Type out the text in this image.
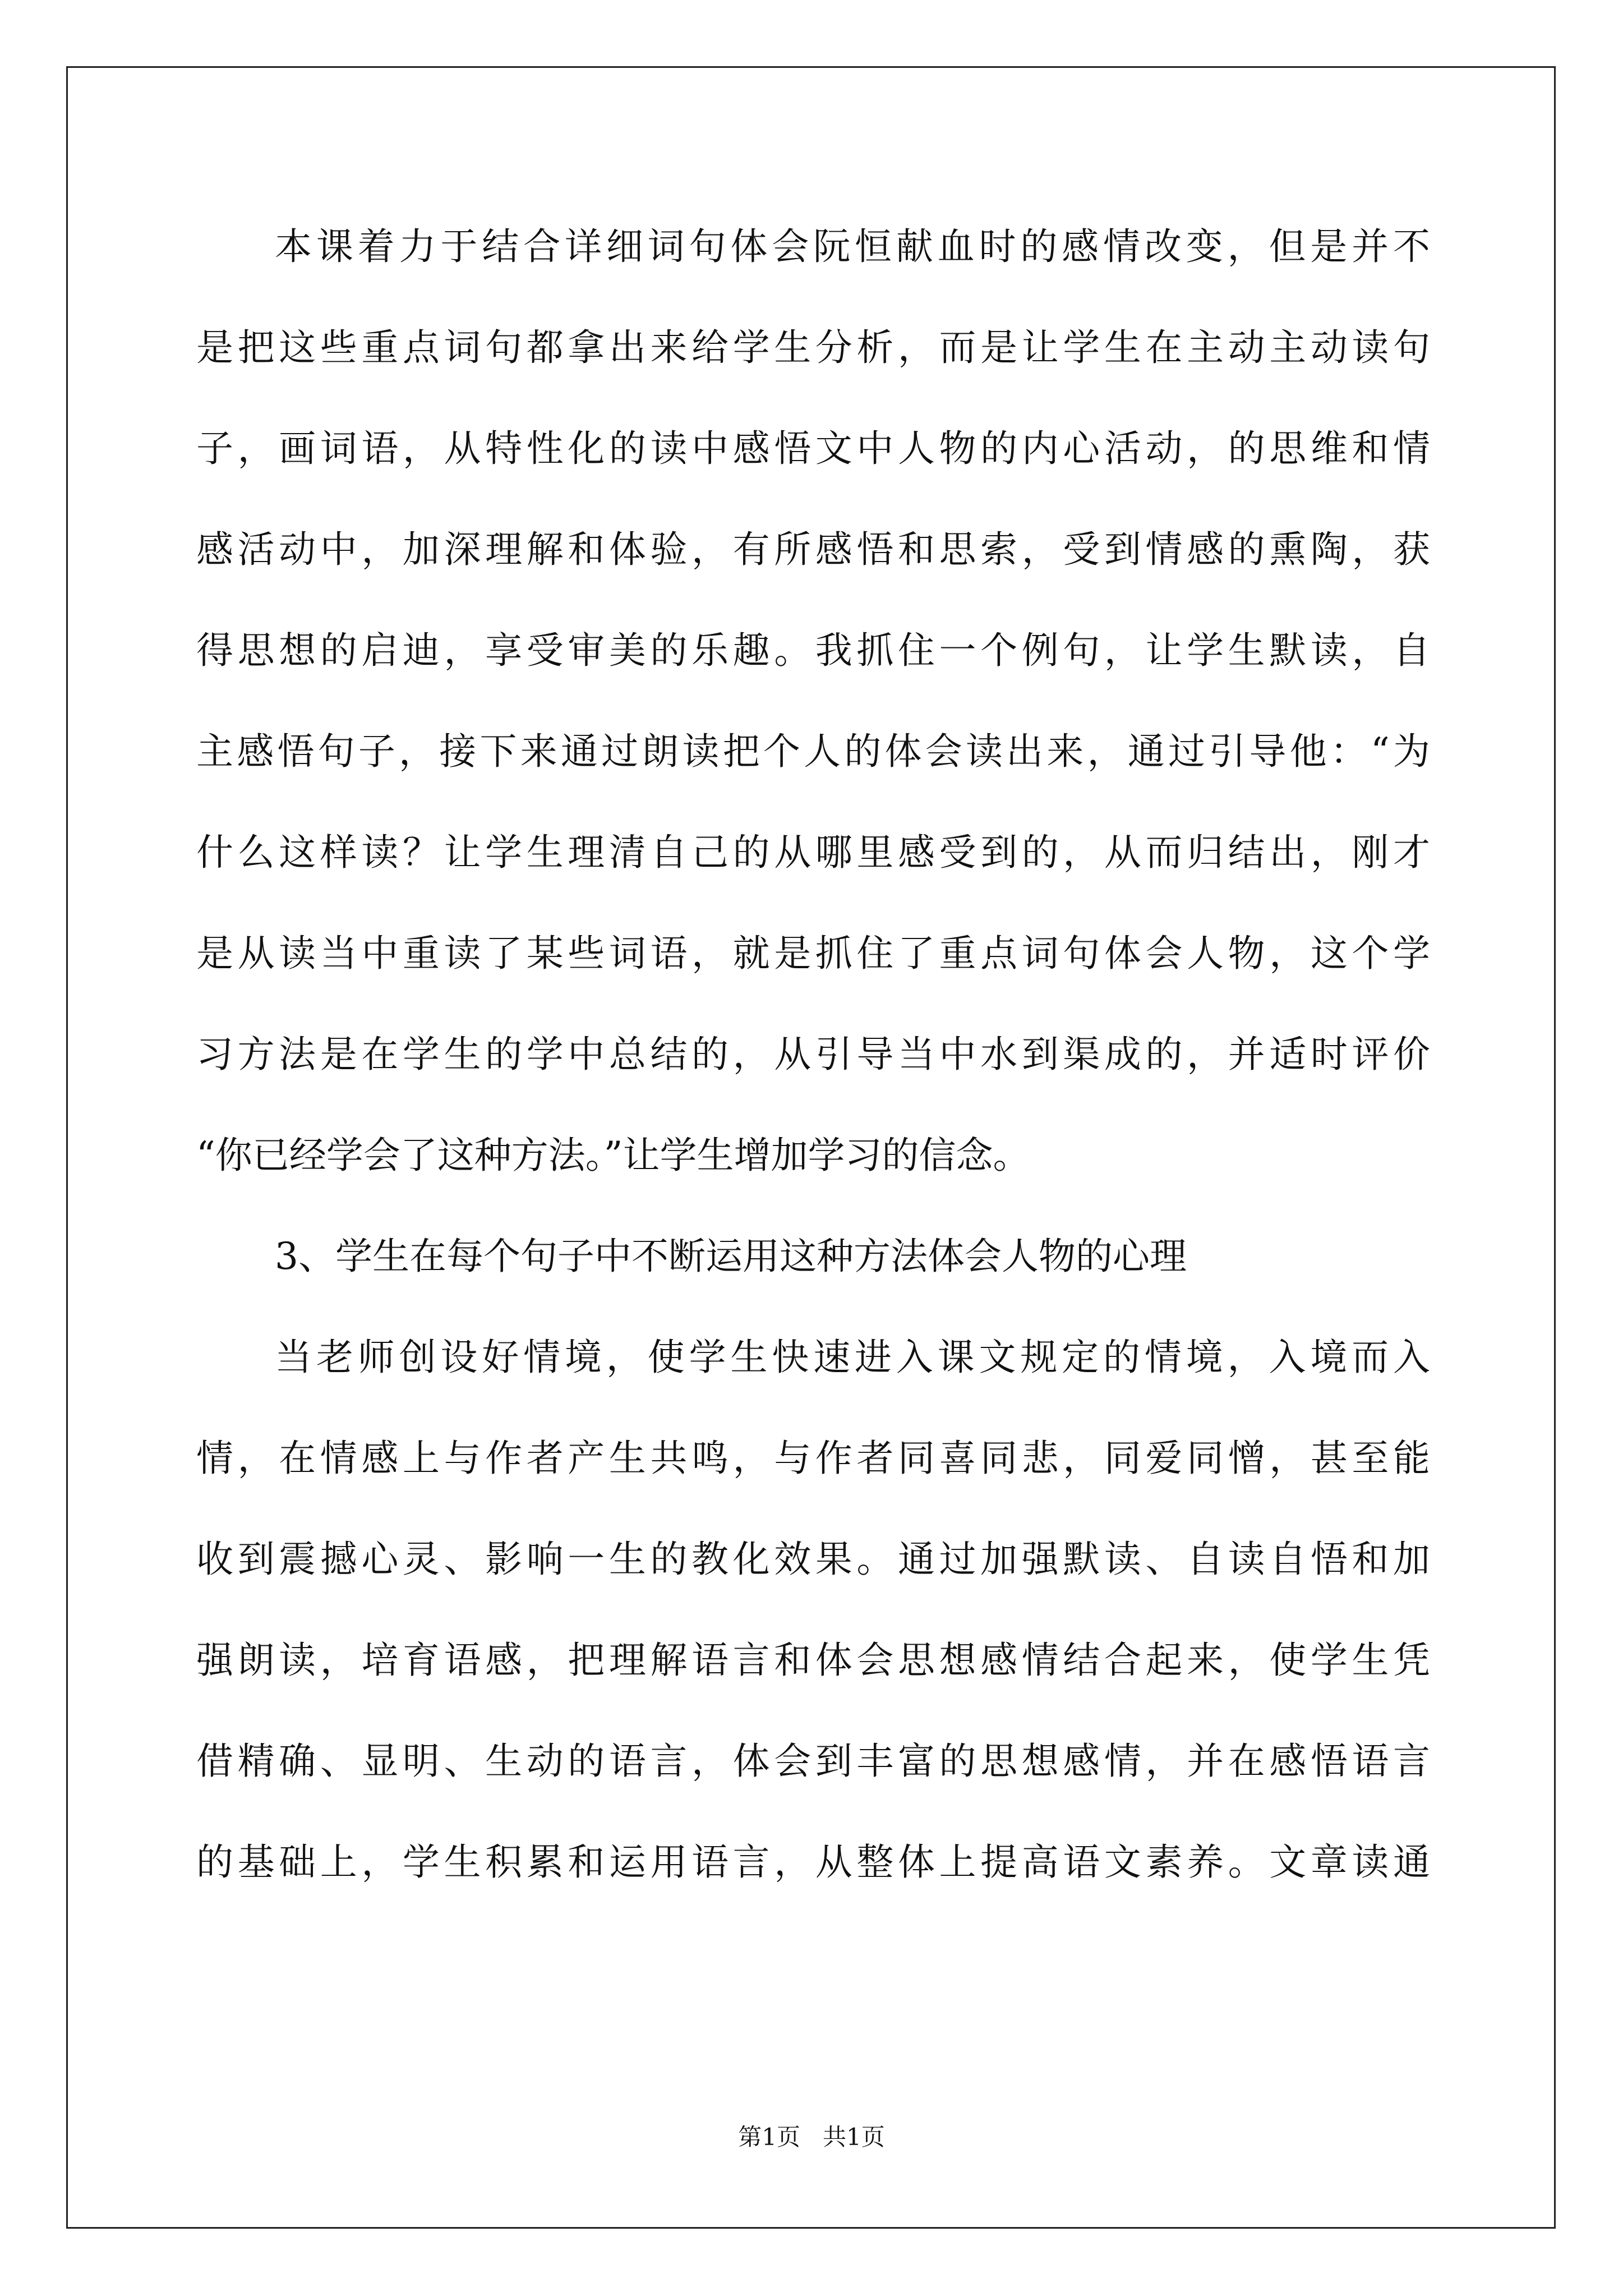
本课着力于结合详细词句体会阮恒献血时的感情改变，但是并不
是把这些重点词句都拿出来给学生分析，而是让学生在主动主动读句
子，画词语，从特性化的读中感悟文中人物的内心活动，的思维和情
感活动中，加深理解和体验，有所感悟和思索，受到情感的熏陶，获
得思想的启迪，享受审美的乐趣。我抓住一个例句，让学生默读，自
主感悟句子，接下来通过朗读把个人的体会读出来，通过引导他：“为
什么这样读？让学生理清自己的从哪里感受到的，从而归结出，刚才
是从读当中重读了某些词语，就是抓住了重点词句体会人物，这个学
习方法是在学生的学中总结的，从引导当中水到渠成的，并适时评价
“你已经学会了这种方法。”让学生增加学习的信念。
3、学生在每个句子中不断运用这种方法体会人物的心理
当老师创设好情境，使学生快速进入课文规定的情境，入境而入
情，在情感上与作者产生共鸣，与作者同喜同悲，同爱同憎，甚至能
收到震撼心灵、影响一生的教化效果。通过加强默读、自读自悟和加
强朗读，培育语感，把理解语言和体会思想感情结合起来，使学生凭
借精确、显明、生动的语言，体会到丰富的思想感情，并在感悟语言
的基础上，学生积累和运用语言，从整体上提高语文素养。文章读通
第1页   共1页
